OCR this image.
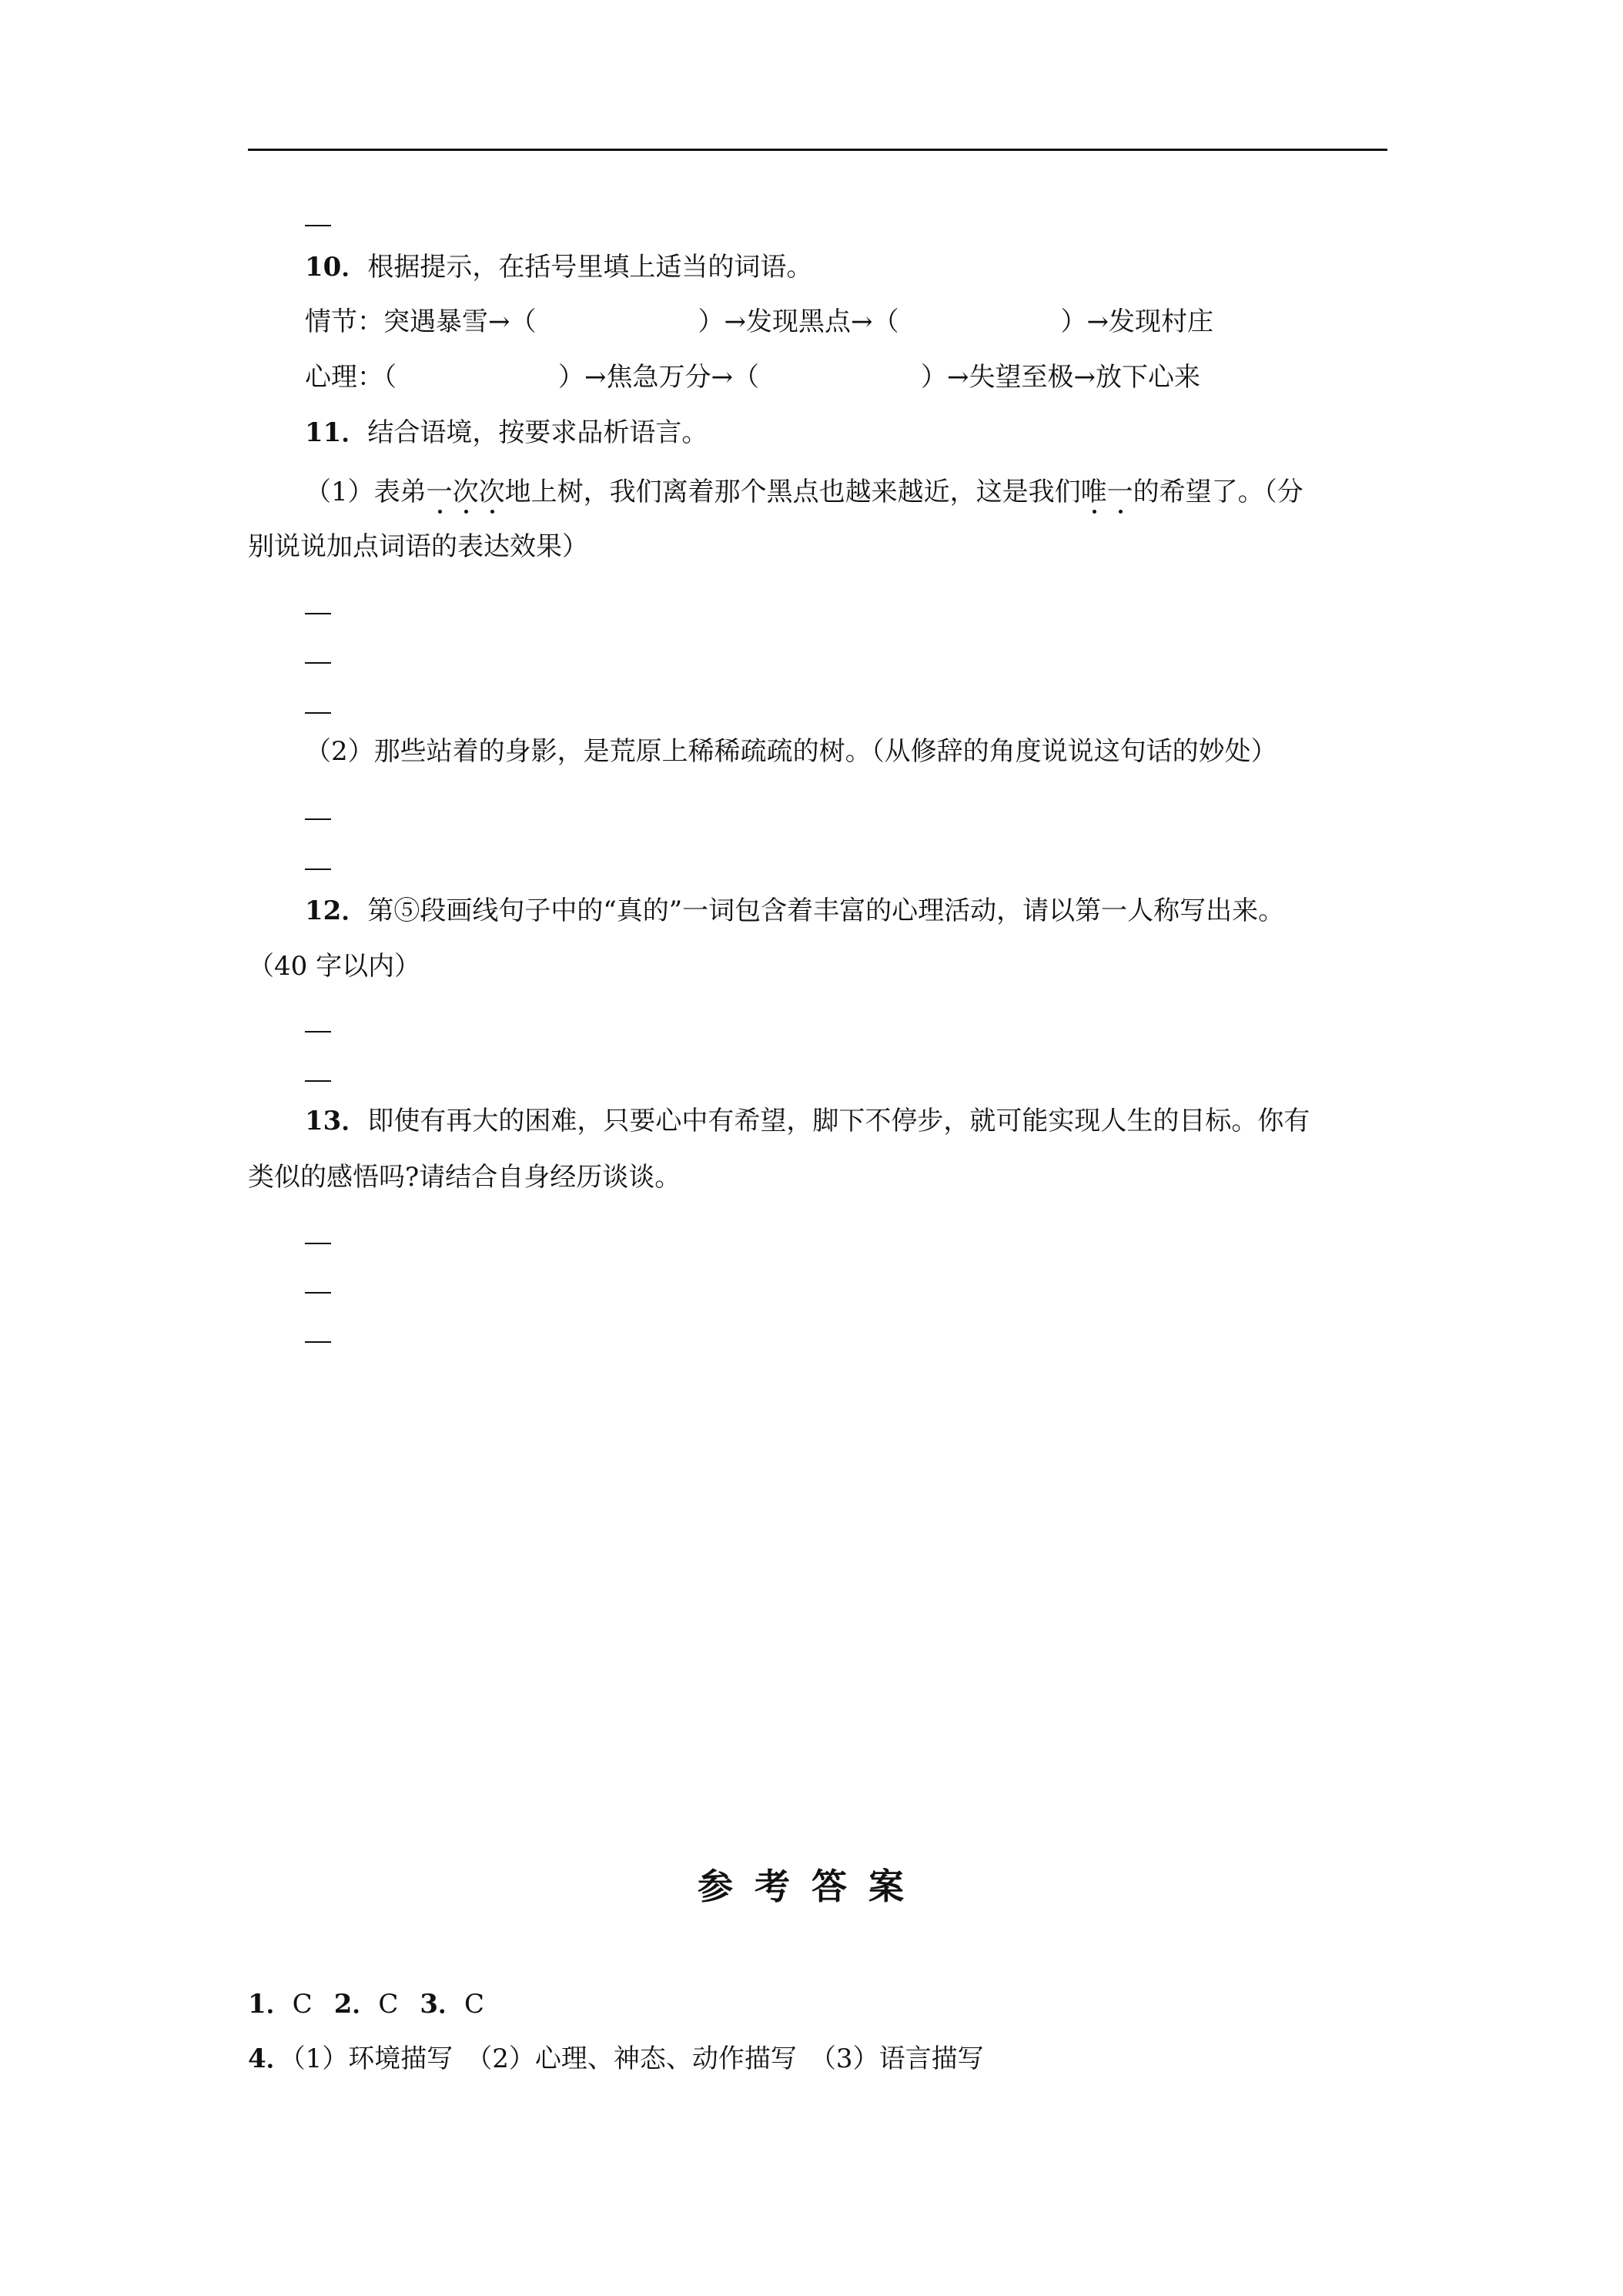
10．根据提示，在括号里填上适当的词语。
情节：突遇暴雪→（	）→发现黑点→（	）→发现村庄
心理：（	）→焦急万分→（	）→失望至极→放下心来
11．结合语境，按要求品析语言。
（1）表弟一次次地上树，我们离着那个黑点也越来越近，这是我们唯一的希望了。（分
别说说加点词语的表达效果）
（2）那些站着的身影，是荒原上稀稀疏疏的树。（从修辞的角度说说这句话的妙处）
12．第⑤段画线句子中的“真的”一词包含着丰富的心理活动，请以第一人称写出来。
（40 字以内）
13．即使有再大的困难，只要心中有希望，脚下不停步，就可能实现人生的目标。你有
类似的感悟吗?请结合自身经历谈谈。
参考答案
1．C 2．C 3．C
4．（1）环境描写　（2）心理、神态、动作描写　（3）语言描写
